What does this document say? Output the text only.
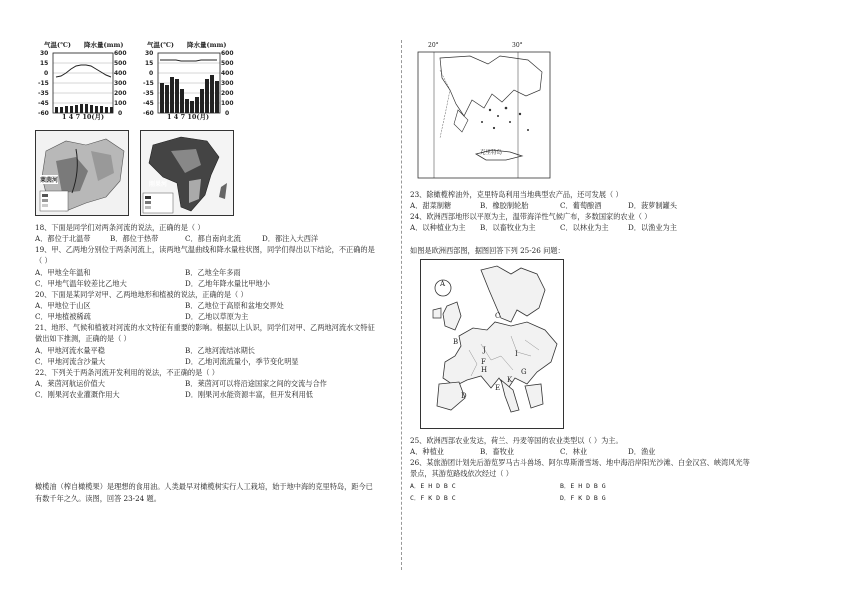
气温(℃) 降水量(mm)
30
15
0
-15
-35
-45
-60
600
500
400
300
200
100
0
1 4 7 10(月)
气温(℃) 降水量(mm)
30
15
0
-15
-35
-45
-60
600
500
400
300
200
100
0
1 4 7 10(月)
莱茵河
刚果河
18、下面是同学们对两条河流的说法，正确的是（ ）
A．都位于北温带	B．都位于热带	C．都自南向北流	D．都注入大西洋
19、甲、乙两地分别位于两条河流上，读两地气温曲线和降水量柱状图，同学们得出以下结论，不正确的是
（ ）
A．甲地全年温和	B．乙地全年多雨
C．甲地气温年较差比乙地大	D．乙地年降水量比甲地小
20、下面是某同学对甲、乙两地地形和植被的说法，正确的是（ ）
A．甲地位于山区	B．乙地位于高原和盆地交界处
C．甲地植被稀疏	D．乙地以草原为主
21、地形、气候和植被对河流的水文特征有重要的影响。根据以上认识，同学们对甲、乙两地河流水文特征
做出如下推测，正确的是（ ）
A．甲地河流水量平稳	B．乙地河流结冰期长
C．甲地河流含沙量大	D．乙地河流流量小，季节变化明显
22、下列关于两条河流开发利用的说法，不正确的是（ ）
A．莱茵河航运价值大	B．莱茵河可以将沿途国家之间的交流与合作
C．刚果河农业灌溉作用大	D．刚果河水能资源丰富，但开发利用低
橄榄油（榨自橄榄果）是理想的食用油。人类最早对橄榄树实行人工栽培，始于地中海的克里特岛，距今已
有数千年之久。读图，回答 23-24 题。
20°	30°
克里特岛
23、除橄榄榨油外，克里特岛利用当地典型农产品，还可发展（ ）
A．甜菜制糖	B．橡胶制轮胎	C．葡萄酿酒	D．菠萝制罐头
24、欧洲西部地形以平原为主，温带海洋性气候广布，多数国家的农业（ ）
A．以种植业为主 B．以畜牧业为主	C．以林业为主	D．以渔业为主
如图是欧洲西部图，据图回答下列 25-26 问题：
A
B
C
D
E
F
G
H
I
J
K
25、欧洲西部农业发达，荷兰、丹麦等国的农业类型以（ ）为主。
A．种植业	B．畜牧业	C．林业	D．渔业
26、某旅游团计划先后游览罗马古斗兽场、阿尔卑斯滑雪场、地中海沿岸阳光沙滩、白金汉宫、峡湾风光等
景点，其游览路线依次经过（ ）
A．E H D B C	B．E H D B G
C．F K D B C	D．F K D B G
